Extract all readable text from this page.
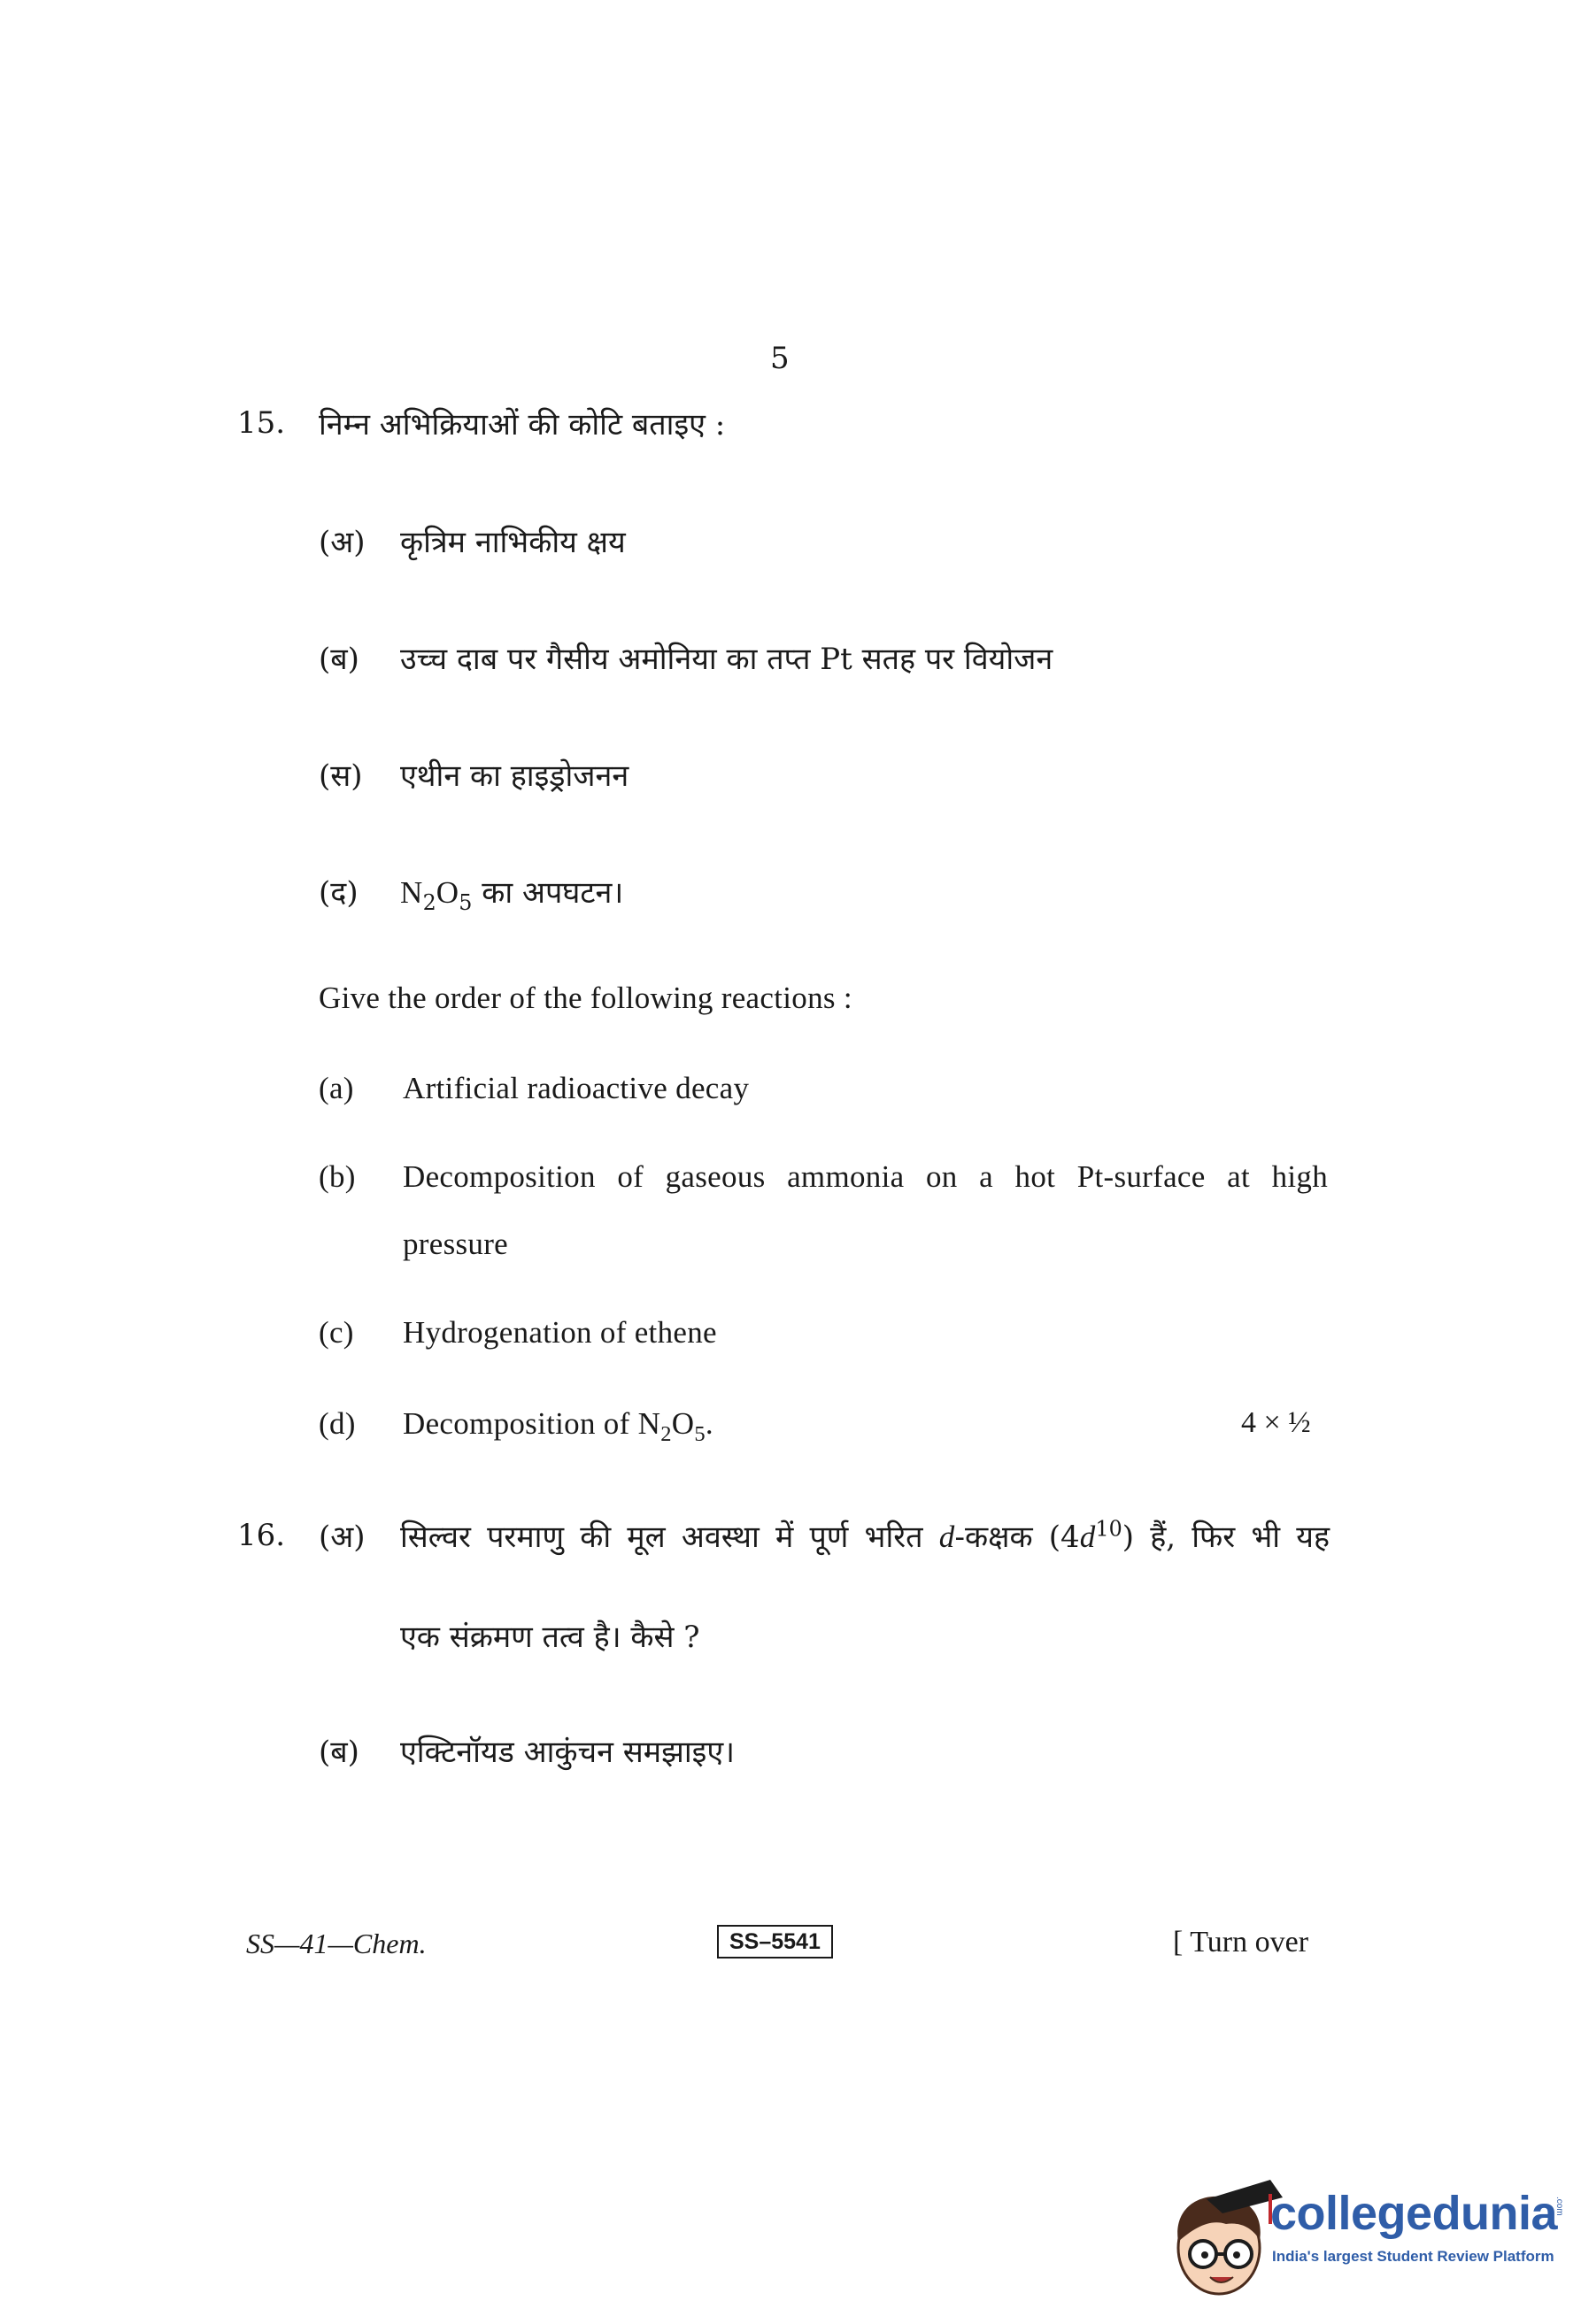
5
15. निम्न अभिक्रियाओं की कोटि बताइए :
(अ) कृत्रिम नाभिकीय क्षय
(ब) उच्च दाब पर गैसीय अमोनिया का तप्त Pt सतह पर वियोजन
(स) एथीन का हाइड्रोजनन
(द) $N_2O_5$ का अपघटन।
Give the order of the following reactions :
(a) Artificial radioactive decay
(b) Decomposition of gaseous ammonia on a hot Pt-surface at high
pressure
(c) Hydrogenation of ethene
(d) Decomposition of $N_2O_5$.	4 × ½
16. (अ) सिल्वर परमाणु की मूल अवस्था में पूर्ण भरित d-कक्षक $(4d^{10})$ हैं, फिर भी यह
एक संक्रमण तत्व है। कैसे ?
(ब) एक्टिनॉयड आकुंचन समझाइए।
SS—41—Chem.	SS–5541	[ Turn over
collegedunia
.com
India's largest Student Review Platform
